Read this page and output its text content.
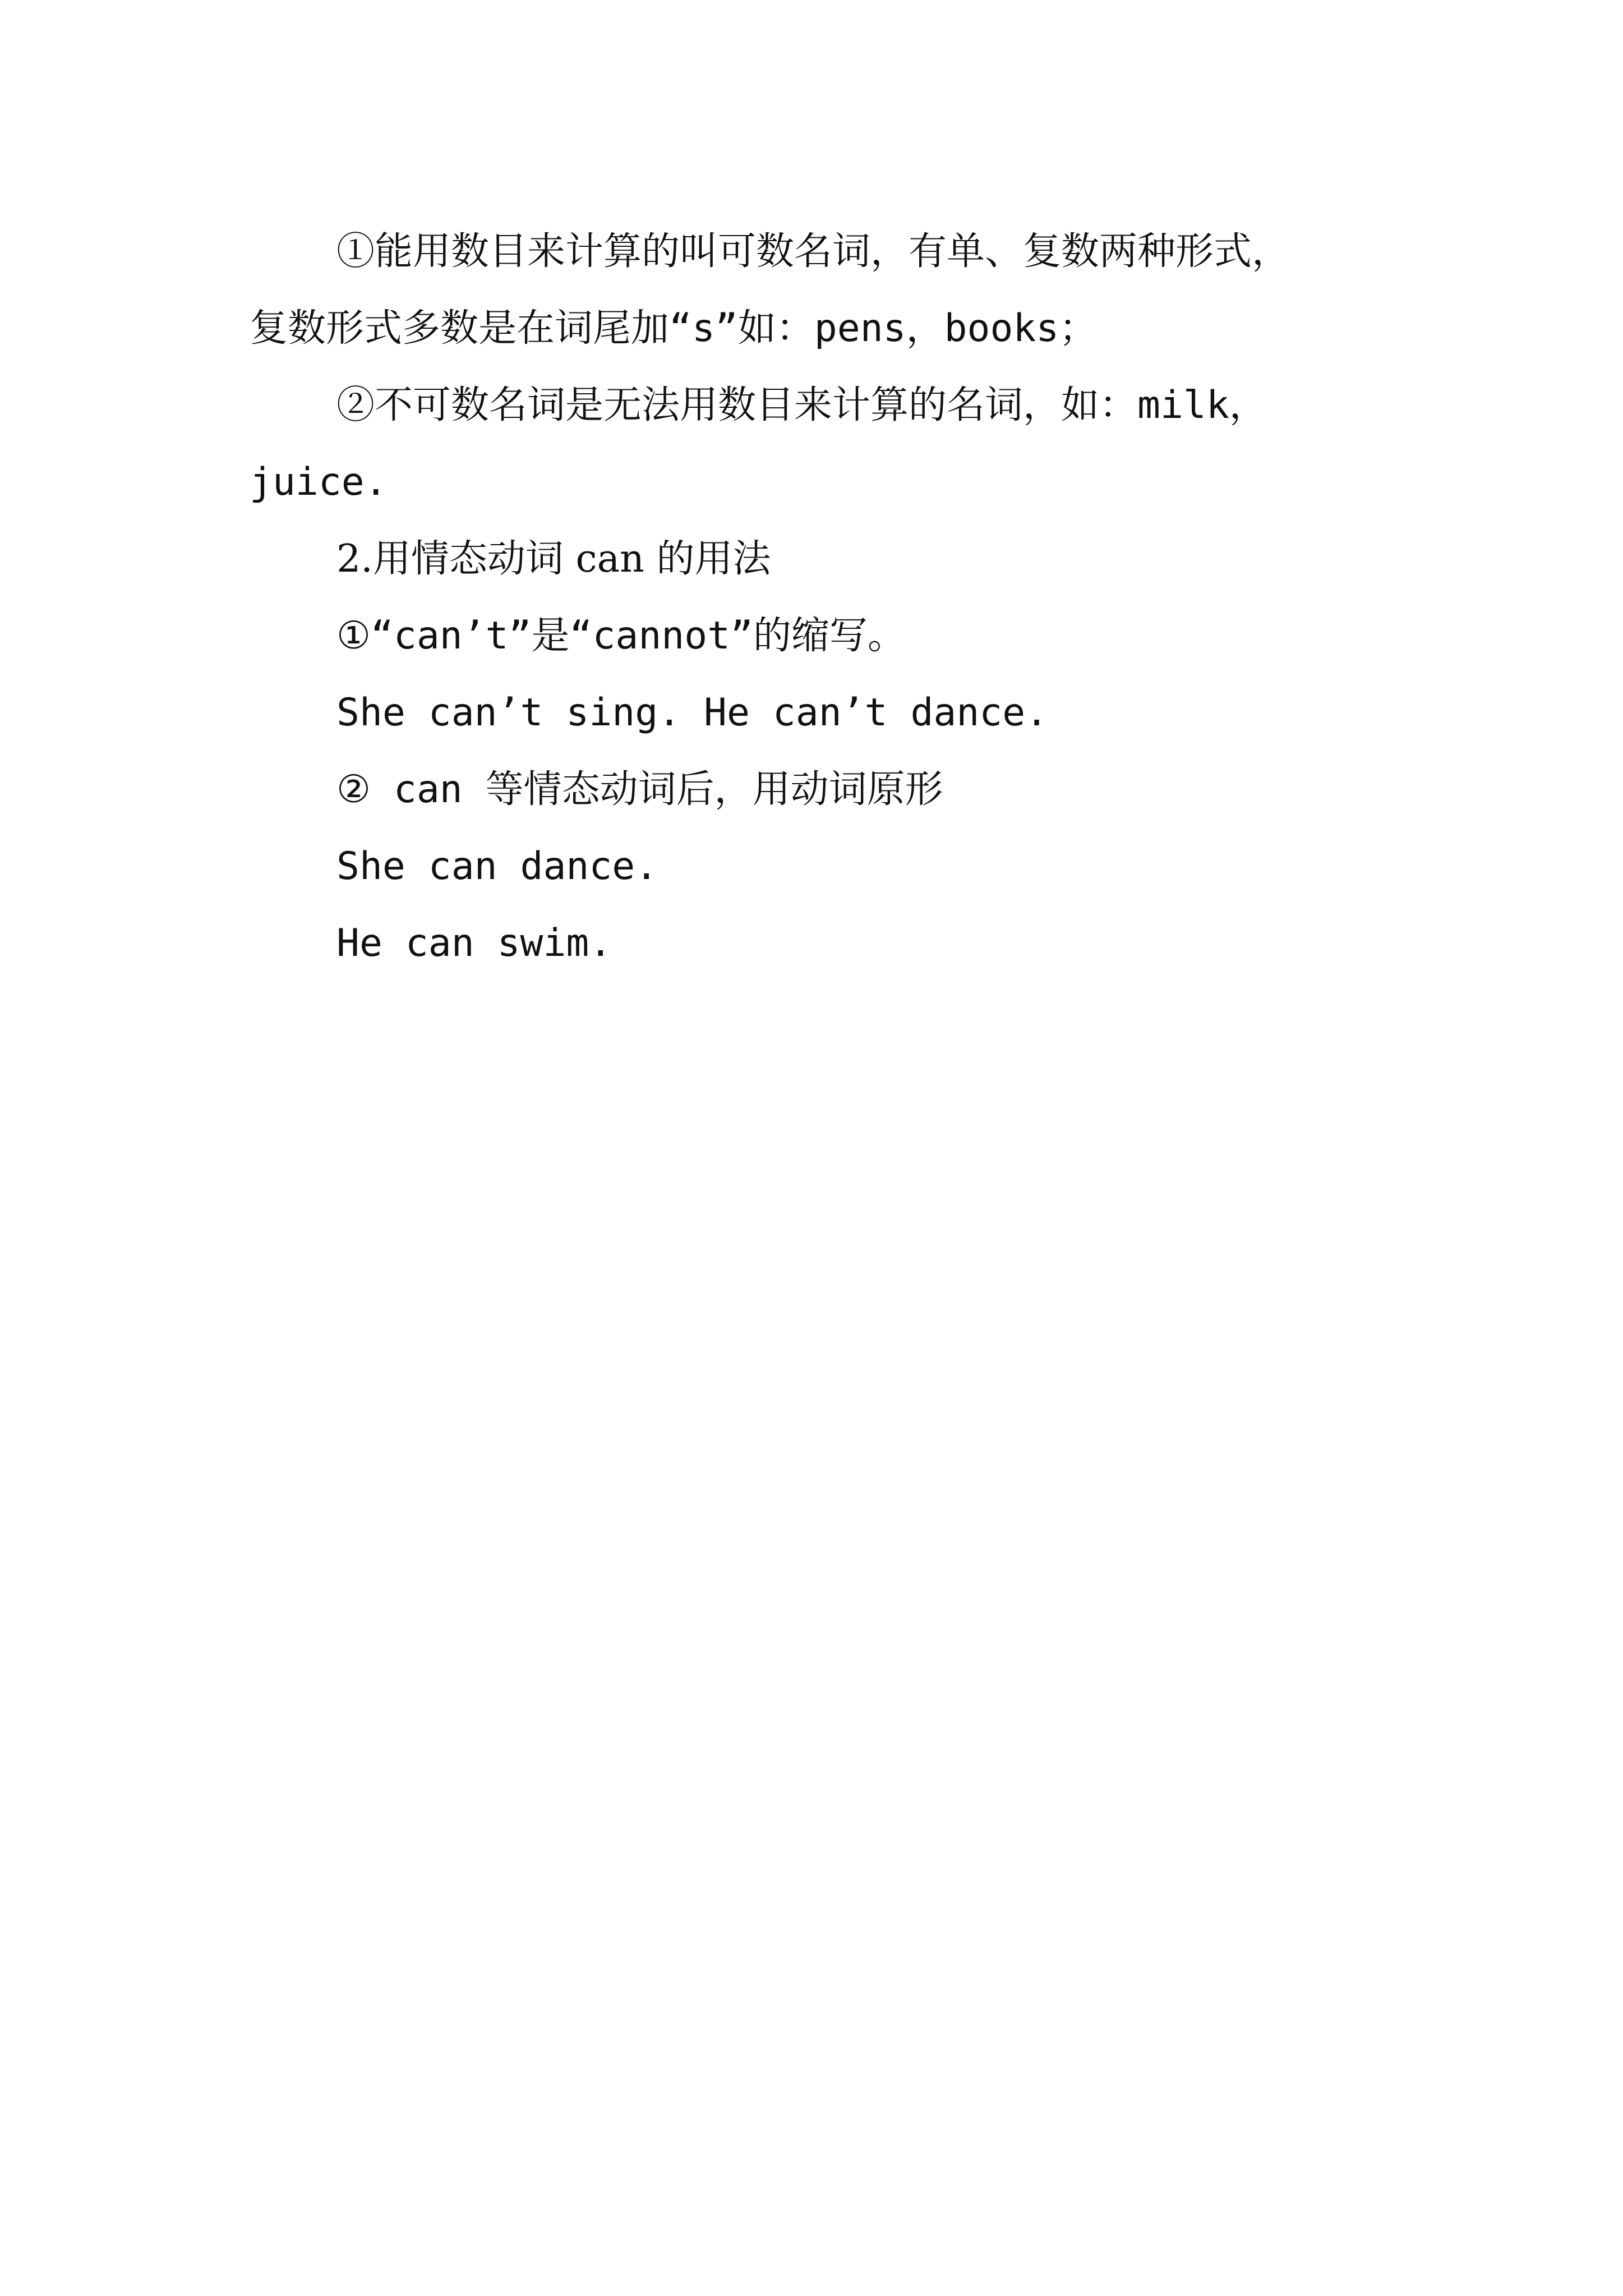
①能用数目来计算的叫可数名词，有单、复数两种形式，
复数形式多数是在词尾加“s”如：pens，books；
②不可数名词是无法用数目来计算的名词，如：milk，
juice.
2.用情态动词 can 的用法
①“can’t”是“cannot”的缩写。
She can’t sing. He can’t dance.
② can 等情态动词后，用动词原形
She can dance.
He can swim.
